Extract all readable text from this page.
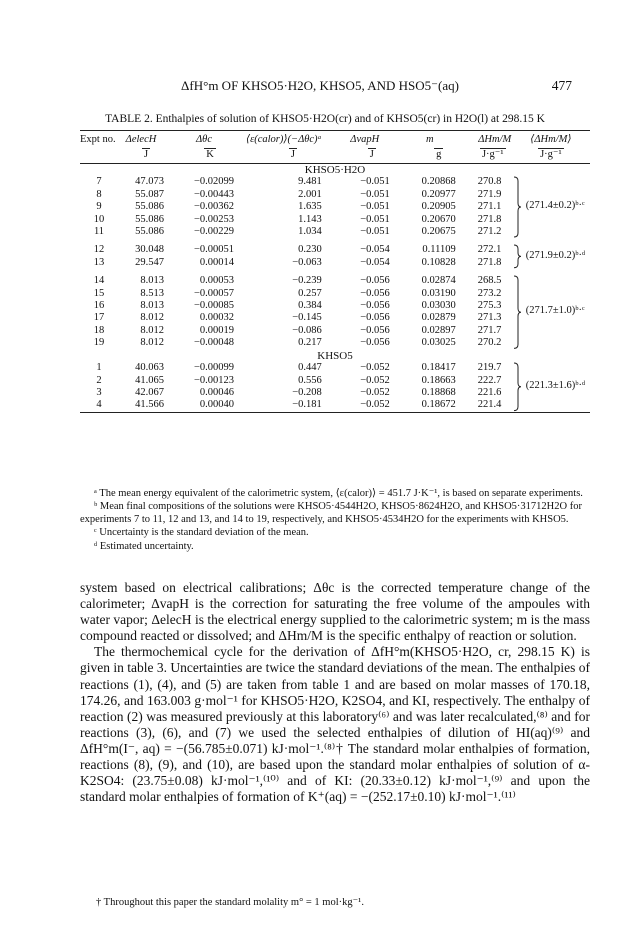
ΔfH°m OF KHSO5·H2O, KHSO5, AND HSO5⁻(aq)	477
TABLE 2. Enthalpies of solution of KHSO5·H2O(cr) and of KHSO5(cr) in H2O(l) at 298.15 K

Expt no.	ΔelecH	Δθc	⟨ε(calor)⟩(−Δθc)ᵃ	ΔvapH	m	ΔHm/M	⟨ΔHm/M⟩
	J	K	J	J	g	J·g⁻¹	J·g⁻¹
KHSO5·H2O							
7	47.073	−0.02099	9.481	−0.051	0.20868	270.8	(271.4±0.2)ᵇ·ᶜ

8	55.087	−0.00443	2.001	−0.051	0.20977	271.9	
9	55.086	−0.00362	1.635	−0.051	0.20905	271.1	
10	55.086	−0.00253	1.143	−0.051	0.20670	271.8	
11	55.086	−0.00229	1.034	−0.051	0.20675	271.2	

12	30.048	−0.00051	0.230	−0.054	0.11109	272.1	(271.9±0.2)ᵇ·ᵈ

13	29.547	0.00014	−0.063	−0.054	0.10828	271.8	

14	8.013	0.00053	−0.239	−0.056	0.02874	268.5	(271.7±1.0)ᵇ·ᶜ

15	8.513	−0.00057	0.257	−0.056	0.03190	273.2	
16	8.013	−0.00085	0.384	−0.056	0.03030	275.3	
17	8.012	0.00032	−0.145	−0.056	0.02879	271.3	
18	8.012	0.00019	−0.086	−0.056	0.02897	271.7	
19	8.012	−0.00048	0.217	−0.056	0.03025	270.2	
KHSO5							
1	40.063	−0.00099	0.447	−0.052	0.18417	219.7	(221.3±1.6)ᵇ·ᵈ

2	41.065	−0.00123	0.556	−0.052	0.18663	222.7	
3	42.067	0.00046	−0.208	−0.052	0.18868	221.6	
4	41.566	0.00040	−0.181	−0.052	0.18672	221.4	

ᵃ The mean energy equivalent of the calorimetric system, ⟨ε(calor)⟩ = 451.7 J·K⁻¹, is based on separate experiments.

ᵇ Mean final compositions of the solutions were KHSO5·4544H2O, KHSO5·8624H2O, and KHSO5·31712H2O for experiments 7 to 11, 12 and 13, and 14 to 19, respectively, and KHSO5·4534H2O for the experiments with KHSO5.

ᶜ Uncertainty is the standard deviation of the mean.

ᵈ Estimated uncertainty.

system based on electrical calibrations; Δθc is the corrected temperature change of the calorimeter; ΔvapH is the correction for saturating the free volume of the ampoules with water vapor; ΔelecH is the electrical energy supplied to the calorimetric system; m is the mass compound reacted or dissolved; and ΔHm/M is the specific enthalpy of reaction or solution.

The thermochemical cycle for the derivation of ΔfH°m(KHSO5·H2O, cr, 298.15 K) is given in table 3. Uncertainties are twice the standard deviations of the mean. The enthalpies of reactions (1), (4), and (5) are taken from table 1 and are based on molar masses of 170.18, 174.26, and 163.003 g·mol⁻¹ for KHSO5·H2O, K2SO4, and KI, respectively. The enthalpy of reaction (2) was measured previously at this laboratory⁽⁶⁾ and was later recalculated,⁽⁸⁾ and for reactions (3), (6), and (7) we used the selected enthalpies of dilution of HI(aq)⁽⁹⁾ and ΔfH°m(I⁻, aq) = −(56.785±0.071) kJ·mol⁻¹.⁽⁸⁾† The standard molar enthalpies of formation, reactions (8), (9), and (10), are based upon the standard molar enthalpies of solution of α-K2SO4: (23.75±0.08) kJ·mol⁻¹,⁽¹⁰⁾ and of KI: (20.33±0.12) kJ·mol⁻¹,⁽⁹⁾ and upon the standard molar enthalpies of formation of K⁺(aq) = −(252.17±0.10) kJ·mol⁻¹.⁽¹¹⁾

† Throughout this paper the standard molality m° = 1 mol·kg⁻¹.
